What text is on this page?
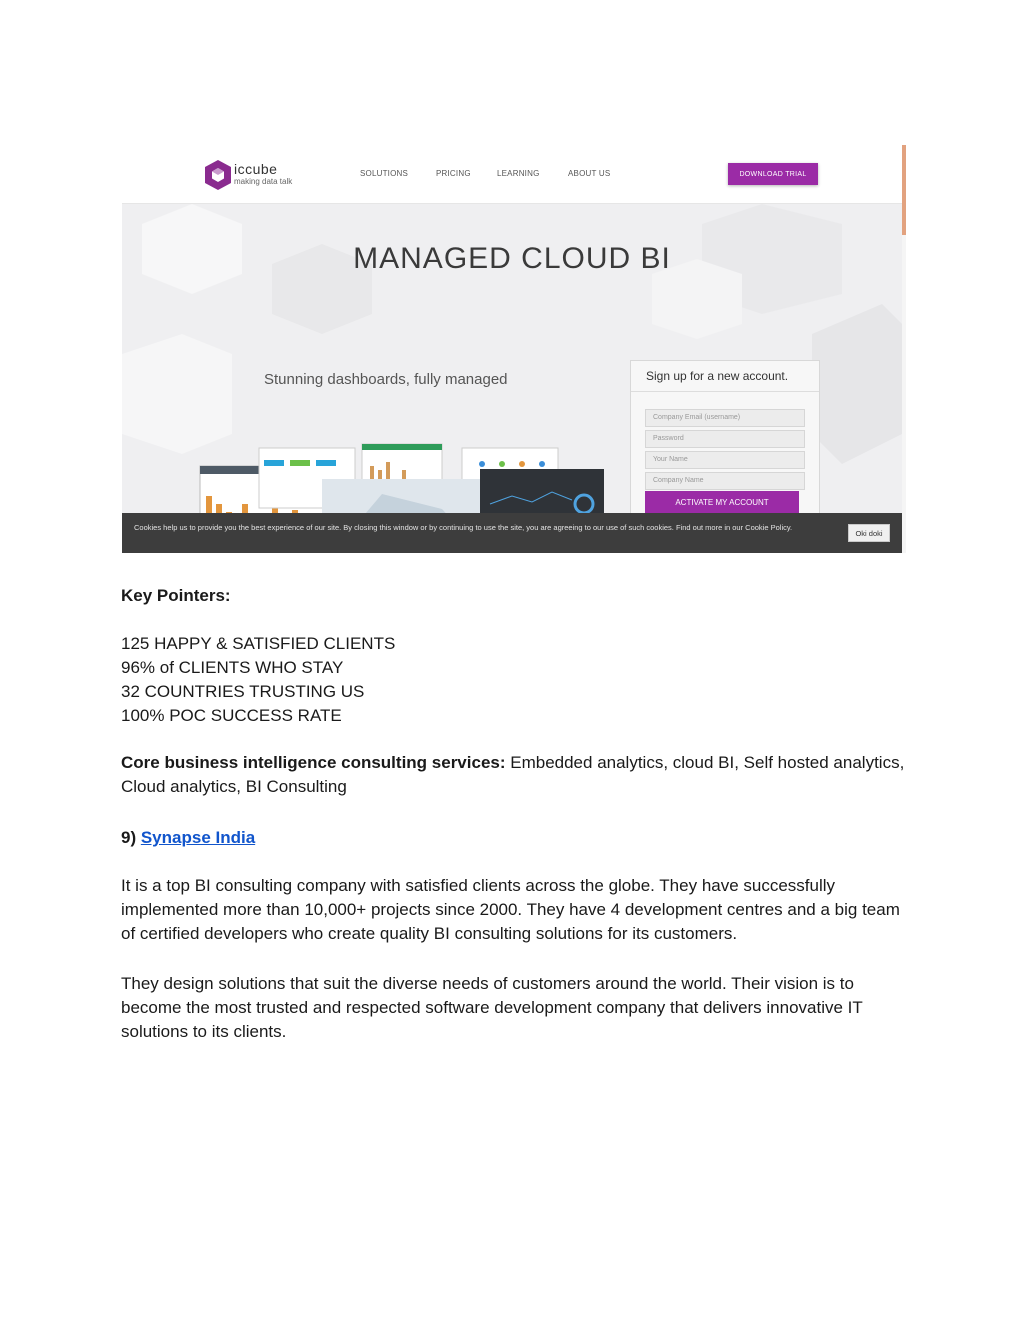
iccube
making data talk
SOLUTIONS	PRICING	LEARNING	ABOUT US	DOWNLOAD TRIAL
MANAGED CLOUD BI
Stunning dashboards, fully managed	Sign up for a new account.
Company Email (username)
Password
Your Name
Company Name
ACTIVATE MY ACCOUNT
Cookies help us to provide you the best experience of our site. By closing this window or by continuing to use the site, you are agreeing to our use of such cookies. Find out more in our Cookie Policy.
Oki doki
Key Pointers:
125 HAPPY & SATISFIED CLIENTS
96% of CLIENTS WHO STAY
32 COUNTRIES TRUSTING US
100% POC SUCCESS RATE
Core business intelligence consulting services: Embedded analytics, cloud BI, Self hosted analytics, Cloud analytics, BI Consulting
9) Synapse India
It is a top BI consulting company with satisfied clients across the globe. They have successfully implemented more than 10,000+ projects since 2000. They have 4 development centres and a big team of certified developers who create quality BI consulting solutions for its customers.
They design solutions that suit the diverse needs of customers around the world. Their vision is to become the most trusted and respected software development company that delivers innovative IT solutions to its clients.
